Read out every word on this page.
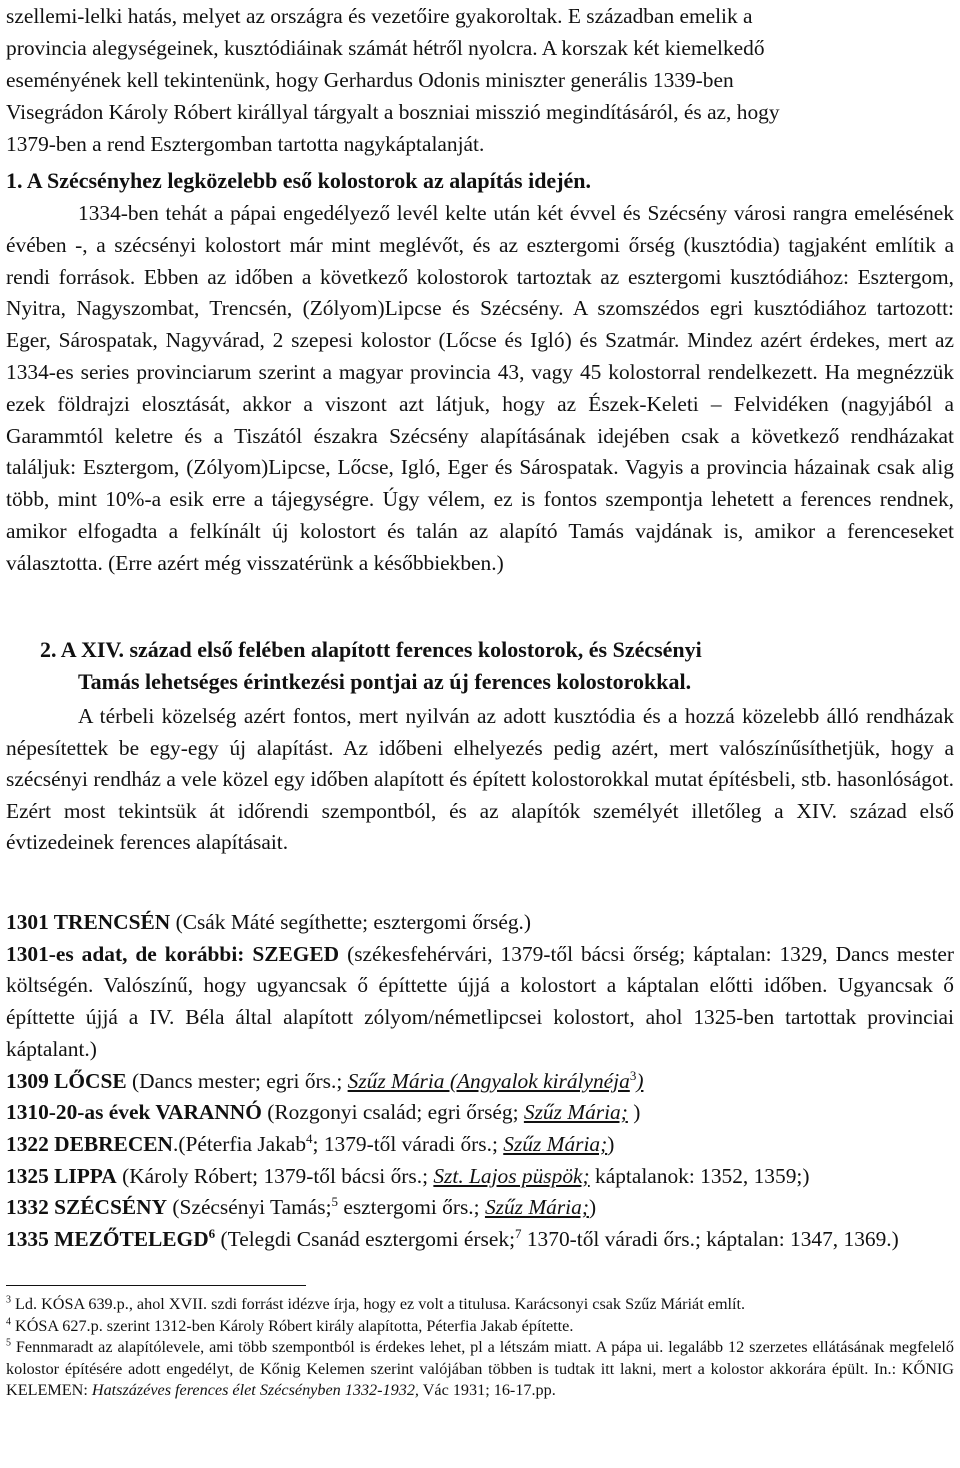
szellemi-lelki hatás, melyet az országra és vezetőire gyakoroltak. E században emelik a
provincia alegységeinek, kusztódiáinak számát hétről nyolcra. A korszak két kiemelkedő
eseményének kell tekintenünk, hogy Gerhardus Odonis miniszter generális 1339-ben
Visegrádon Károly Róbert királlyal tárgyalt a boszniai misszió megindításáról, és az, hogy
1379-ben a rend Esztergomban tartotta nagykáptalanját.
1. A Szécsényhez legközelebb eső kolostorok az alapítás idején.
1334-ben tehát a pápai engedélyező levél kelte után két évvel és Szécsény városi rangra emelésének évében -, a szécsényi kolostort már mint meglévőt, és az esztergomi őrség (kusztódia) tagjaként említik a rendi források. Ebben az időben a következő kolostorok tartoztak az esztergomi kusztódiához: Esztergom, Nyitra, Nagyszombat, Trencsén, (Zólyom)Lipcse és Szécsény. A szomszédos egri kusztódiához tartozott: Eger, Sárospatak, Nagyvárad, 2 szepesi kolostor (Lőcse és Igló) és Szatmár. Mindez azért érdekes, mert az 1334-es series provinciarum szerint a magyar provincia 43, vagy 45 kolostorral rendelkezett. Ha megnézzük ezek földrajzi elosztását, akkor a viszont azt látjuk, hogy az Észek-Keleti – Felvidéken (nagyjából a Garammtól keletre és a Tiszától északra Szécsény alapításának idejében csak a következő rendházakat találjuk: Esztergom, (Zólyom)Lipcse, Lőcse, Igló, Eger és Sárospatak. Vagyis a provincia házainak csak alig több, mint 10%-a esik erre a tájegységre. Úgy vélem, ez is fontos szempontja lehetett a ferences rendnek, amikor elfogadta a felkínált új kolostort és talán az alapító Tamás vajdának is, amikor a ferenceseket választotta. (Erre azért még visszatérünk a későbbiekben.)
2. A XIV. század első felében alapított ferences kolostorok, és Szécsényi
Tamás lehetséges érintkezési pontjai az új ferences kolostorokkal.
A térbeli közelség azért fontos, mert nyilván az adott kusztódia és a hozzá közelebb álló rendházak népesítettek be egy-egy új alapítást. Az időbeni elhelyezés pedig azért, mert valószínűsíthetjük, hogy a szécsényi rendház a vele közel egy időben alapított és épített kolostorokkal mutat építésbeli, stb. hasonlóságot. Ezért most tekintsük át időrendi szempontból, és az alapítók személyét illetőleg a XIV. század első évtizedeinek ferences alapításait.

1301 TRENCSÉN (Csák Máté segíthette; esztergomi őrség.)

1301-es adat, de korábbi: SZEGED (székesfehérvári, 1379-től bácsi őrség; káptalan: 1329, Dancs mester költségén. Valószínű, hogy ugyancsak ő építtette újjá a kolostort a káptalan előtti időben. Ugyancsak ő építtette újjá a IV. Béla által alapított zólyom/németlipcsei kolostort, ahol 1325-ben tartottak provinciai káptalant.)

1309 LŐCSE (Dancs mester; egri őrs.; Szűz Mária (Angyalok királynéja$^3$)

1310-20-as évek VARANNÓ (Rozgonyi család; egri őrség; Szűz Mária; )

1322 DEBRECEN.(Péterfia Jakab$^4$; 1379-től váradi őrs.; Szűz Mária;)

1325 LIPPA (Károly Róbert; 1379-től bácsi őrs.; Szt. Lajos püspök; káptalanok: 1352, 1359;)

1332 SZÉCSÉNY (Szécsényi Tamás;$^5$ esztergomi őrs.; Szűz Mária;)

1335 MEZŐTELEGD$^6$ (Telegdi Csanád esztergomi érsek;$^7$ 1370-től váradi őrs.; káptalan: 1347, 1369.)

$^3$ Ld. KÓSA 639.p., ahol XVII. szdi forrást idézve írja, hogy ez volt a titulusa. Karácsonyi csak Szűz Máriát említ.

$^4$ KÓSA 627.p. szerint 1312-ben Károly Róbert király alapította, Péterfia Jakab építette.

$^5$ Fennmaradt az alapítólevele, ami több szempontból is érdekes lehet, pl a létszám miatt. A pápa ui. legalább 12 szerzetes ellátásának megfelelő kolostor építésére adott engedélyt, de Kőnig Kelemen szerint valójában többen is tudtak itt lakni, mert a kolostor akkorára épült. In.: KŐNIG KELEMEN: Hatszázéves ferences élet Szécsényben 1332-1932, Vác 1931; 16-17.pp.
